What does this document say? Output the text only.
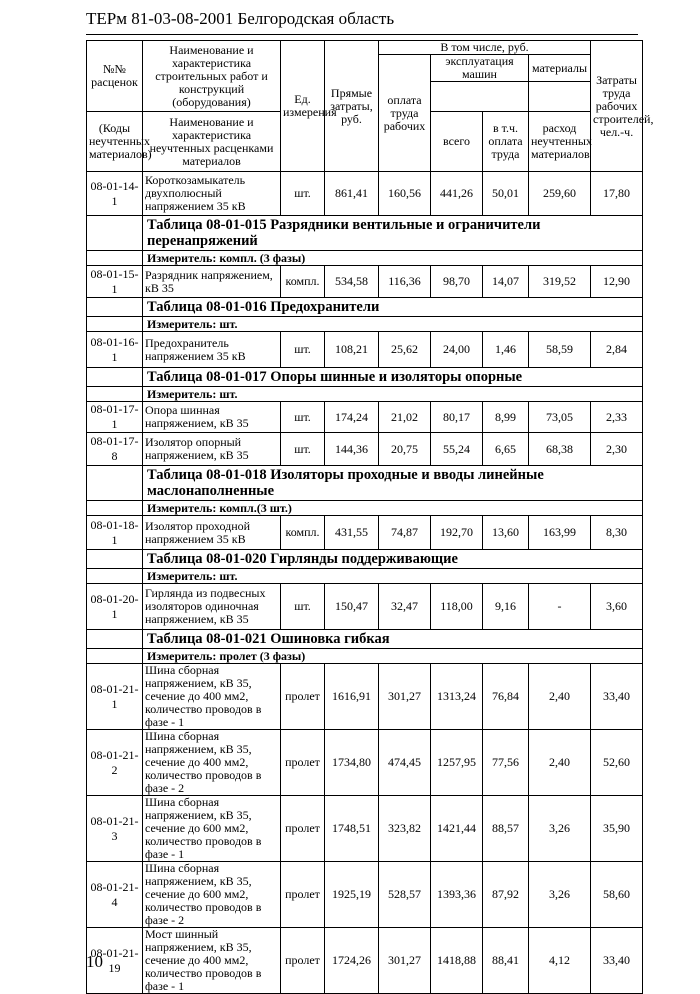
ТЕРм 81-03-08-2001 Белгородская область
№№ расценок	Наименование и характеристика строительных работ и конструкций (оборудования)	Ед. измерения	Прямые затраты, руб.	В том числе, руб.				Затраты труда рабочих строителей, чел.-ч.
				оплата труда рабочих	эксплуатация машин		материалы	

(Коды неучтенных материалов)	Наименование и характеристика неучтенных расценками материалов				всего	в т.ч. оплата труда	расход неучтенных материалов	

08-01-14-1	Короткозамыкатель двухполюсный напряжением 35 кВ	шт.	861,41	160,56	441,26	50,01	259,60	17,80
	Таблица 08-01-015 Разрядники вентильные и ограничители перенапряжений							
	Измеритель: компл. (3 фазы)							
08-01-15-1	Разрядник напряжением, кВ 35	компл.	534,58	116,36	98,70	14,07	319,52	12,90
	Таблица 08-01-016 Предохранители							
	Измеритель: шт.							
08-01-16-1	Предохранитель напряжением 35 кВ	шт.	108,21	25,62	24,00	1,46	58,59	2,84
	Таблица 08-01-017 Опоры шинные и изоляторы опорные							
	Измеритель: шт.							
08-01-17-1	Опора шинная напряжением, кВ 35	шт.	174,24	21,02	80,17	8,99	73,05	2,33
08-01-17-8	Изолятор опорный напряжением, кВ 35	шт.	144,36	20,75	55,24	6,65	68,38	2,30
	Таблица 08-01-018 Изоляторы проходные и вводы линейные маслонаполненные							
	Измеритель: компл.(3 шт.)							
08-01-18-1	Изолятор проходной напряжением 35 кВ	компл.	431,55	74,87	192,70	13,60	163,99	8,30
	Таблица 08-01-020 Гирлянды поддерживающие							
	Измеритель: шт.							
08-01-20-1	Гирлянда из подвесных изоляторов одиночная напряжением, кВ 35	шт.	150,47	32,47	118,00	9,16	-	3,60
	Таблица 08-01-021 Ошиновка гибкая							
	Измеритель: пролет (3 фазы)							
08-01-21-1	Шина сборная напряжением, кВ 35, сечение до 400 мм2, количество проводов в фазе - 1	пролет	1616,91	301,27	1313,24	76,84	2,40	33,40
08-01-21-2	Шина сборная напряжением, кВ 35, сечение до 400 мм2, количество проводов в фазе - 2	пролет	1734,80	474,45	1257,95	77,56	2,40	52,60
08-01-21-3	Шина сборная напряжением, кВ 35, сечение до 600 мм2, количество проводов в фазе - 1	пролет	1748,51	323,82	1421,44	88,57	3,26	35,90
08-01-21-4	Шина сборная напряжением, кВ 35, сечение до 600 мм2, количество проводов в фазе - 2	пролет	1925,19	528,57	1393,36	87,92	3,26	58,60
08-01-21-19	Мост шинный напряжением, кВ 35, сечение до 400 мм2, количество проводов в фазе - 1	пролет	1724,26	301,27	1418,88	88,41	4,12	33,40
10
